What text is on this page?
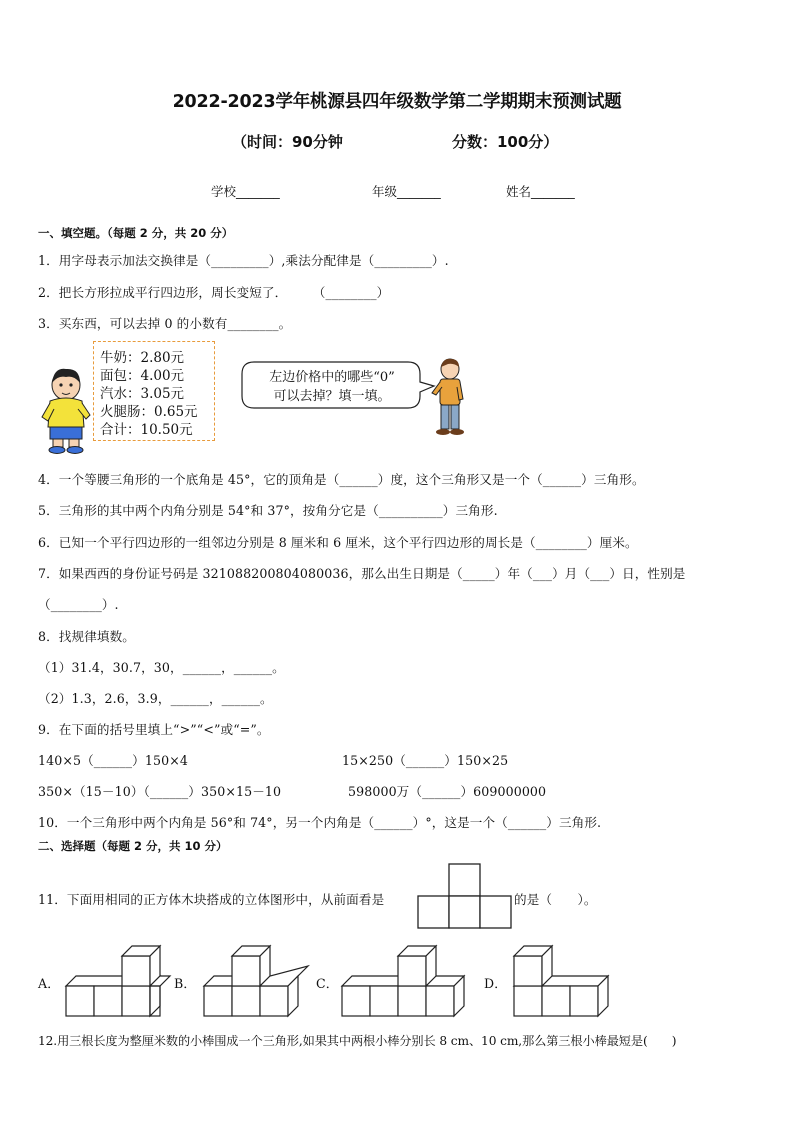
2022-2023学年桃源县四年级数学第二学期期末预测试题
（时间：90分钟	分数：100分）
学校_______	年级_______	姓名_______
一、填空题。（每题 2 分，共 20 分）
1．用字母表示加法交换律是（_________）,乘法分配律是（_________）.
2．把长方形拉成平行四边形，周长变短了．　　　（________）
3．买东西，可以去掉 0 的小数有________。
牛奶：2.80元
面包：4.00元
汽水：3.05元
火腿肠：0.65元
合计：10.50元
左边价格中的哪些“0”
可以去掉？填一填。
4．一个等腰三角形的一个底角是 45°，它的顶角是（______）度，这个三角形又是一个（______）三角形。
5．三角形的其中两个内角分别是 54°和 37°，按角分它是（__________）三角形.
6．已知一个平行四边形的一组邻边分别是 8 厘米和 6 厘米，这个平行四边形的周长是（________）厘米。
7．如果西西的身份证号码是 321088200804080036，那么出生日期是（_____）年（___）月（___）日，性别是
（________）.
8．找规律填数。
（1）31.4，30.7，30，______，______。
（2）1.3，2.6，3.9，______，______。
9．在下面的括号里填上“>”“<”或“=”。
140×5（______）150×4	15×250（______）150×25
350×（15－10）（______）350×15－10	598000万（______）609000000
10．一个三角形中两个内角是 56°和 74°，另一个内角是（______）°，这是一个（______）三角形.
二、选择题（每题 2 分，共 10 分）
11．下面用相同的正方体木块搭成的立体图形中，从前面看是	的是（　　）。
A．	B．	C．	D．
12.用三根长度为整厘米数的小棒围成一个三角形,如果其中两根小棒分别长 8 cm、10 cm,那么第三根小棒最短是(　　)
